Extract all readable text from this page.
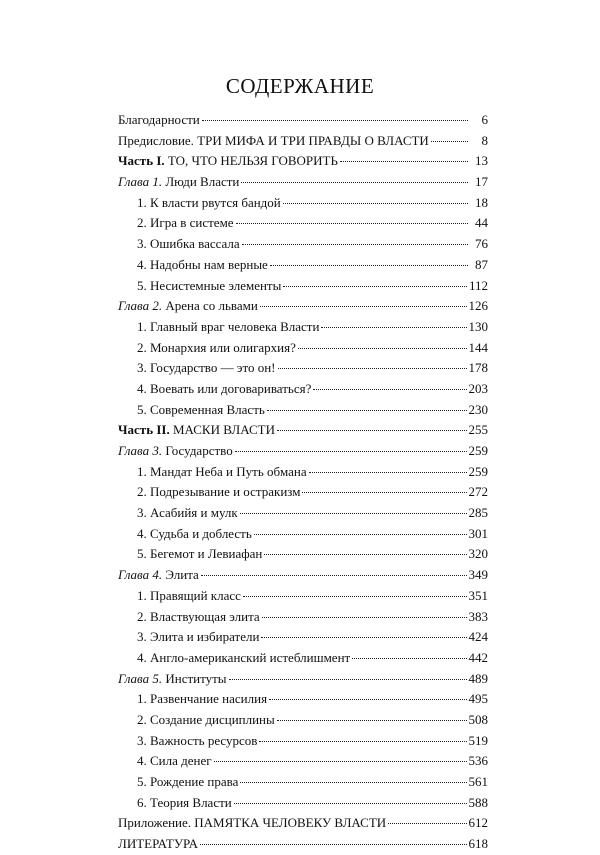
СОДЕРЖАНИЕ
Благодарности	6
Предисловие. ТРИ МИФА И ТРИ ПРАВДЫ О ВЛАСТИ	8
Часть I. ТО, ЧТО НЕЛЬЗЯ ГОВОРИТЬ	13
Глава 1. Люди Власти	17
1. К власти рвутся бандой	18
2. Игра в системе	44
3. Ошибка вассала	76
4. Надобны нам верные	87
5. Несистемные элементы	112
Глава 2. Арена со львами	126
1. Главный враг человека Власти	130
2. Монархия или олигархия?	144
3. Государство — это он!	178
4. Воевать или договариваться?	203
5. Современная Власть	230
Часть II. МАСКИ ВЛАСТИ	255
Глава 3. Государство	259
1. Мандат Неба и Путь обмана	259
2. Подрезывание и остракизм	272
3. Асабийя и мулк	285
4. Судьба и доблесть	301
5. Бегемот и Левиафан	320
Глава 4. Элита	349
1. Правящий класс	351
2. Властвующая элита	383
3. Элита и избиратели	424
4. Англо-американский истеблишмент	442
Глава 5. Институты	489
1. Развенчание насилия	495
2. Создание дисциплины	508
3. Важность ресурсов	519
4. Сила денег	536
5. Рождение права	561
6. Теория Власти	588
Приложение. ПАМЯТКА ЧЕЛОВЕКУ ВЛАСТИ	612
ЛИТЕРАТУРА	618
